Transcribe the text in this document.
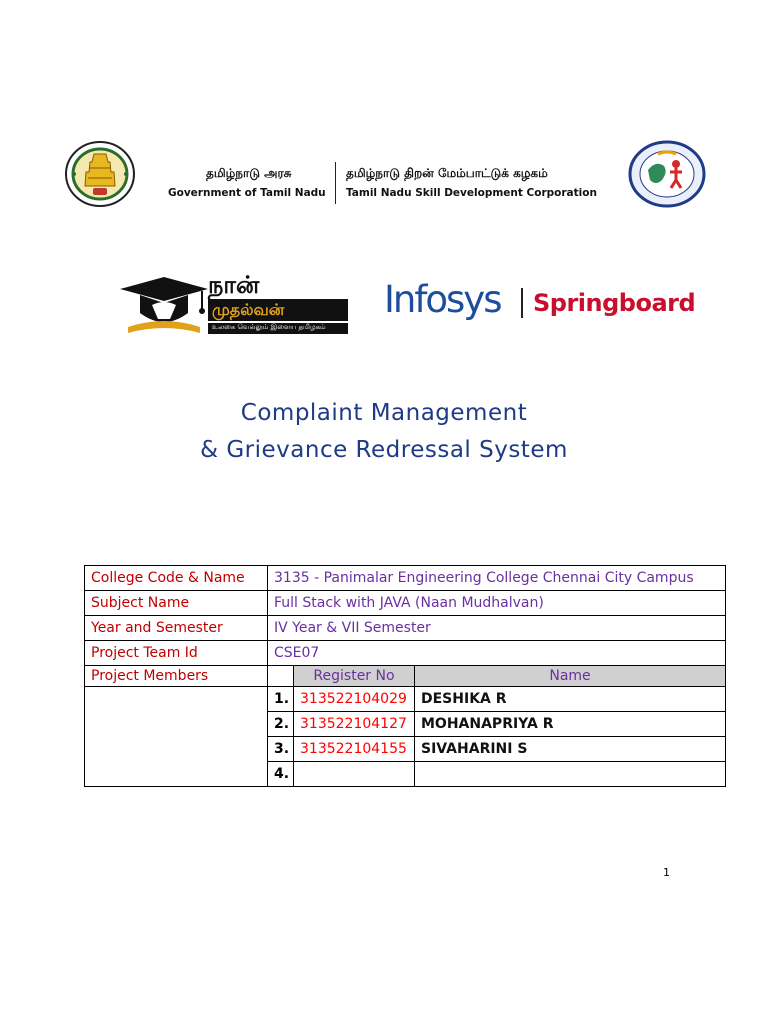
தமிழ்நாடு அரசு
Government of Tamil Nadu
தமிழ்நாடு திறன் மேம்பாட்டுக் கழகம்
Tamil Nadu Skill Development Corporation
நான்
முதல்வன்
உலகை வெல்லும் இளைய தமிழகம்
Infosys Springboard
Complaint Management
& Grievance Redressal System
College Code & Name	3135 - Panimalar Engineering College Chennai City Campus		
Subject Name	Full Stack with JAVA (Naan Mudhalvan)		
Year and Semester	IV Year & VII Semester		
Project Team Id	CSE07		
Project Members		Register No	Name
	1.	313522104029	DESHIKA R
	2.	313522104127	MOHANAPRIYA R
	3.	313522104155	SIVAHARINI S
	4.		
1
